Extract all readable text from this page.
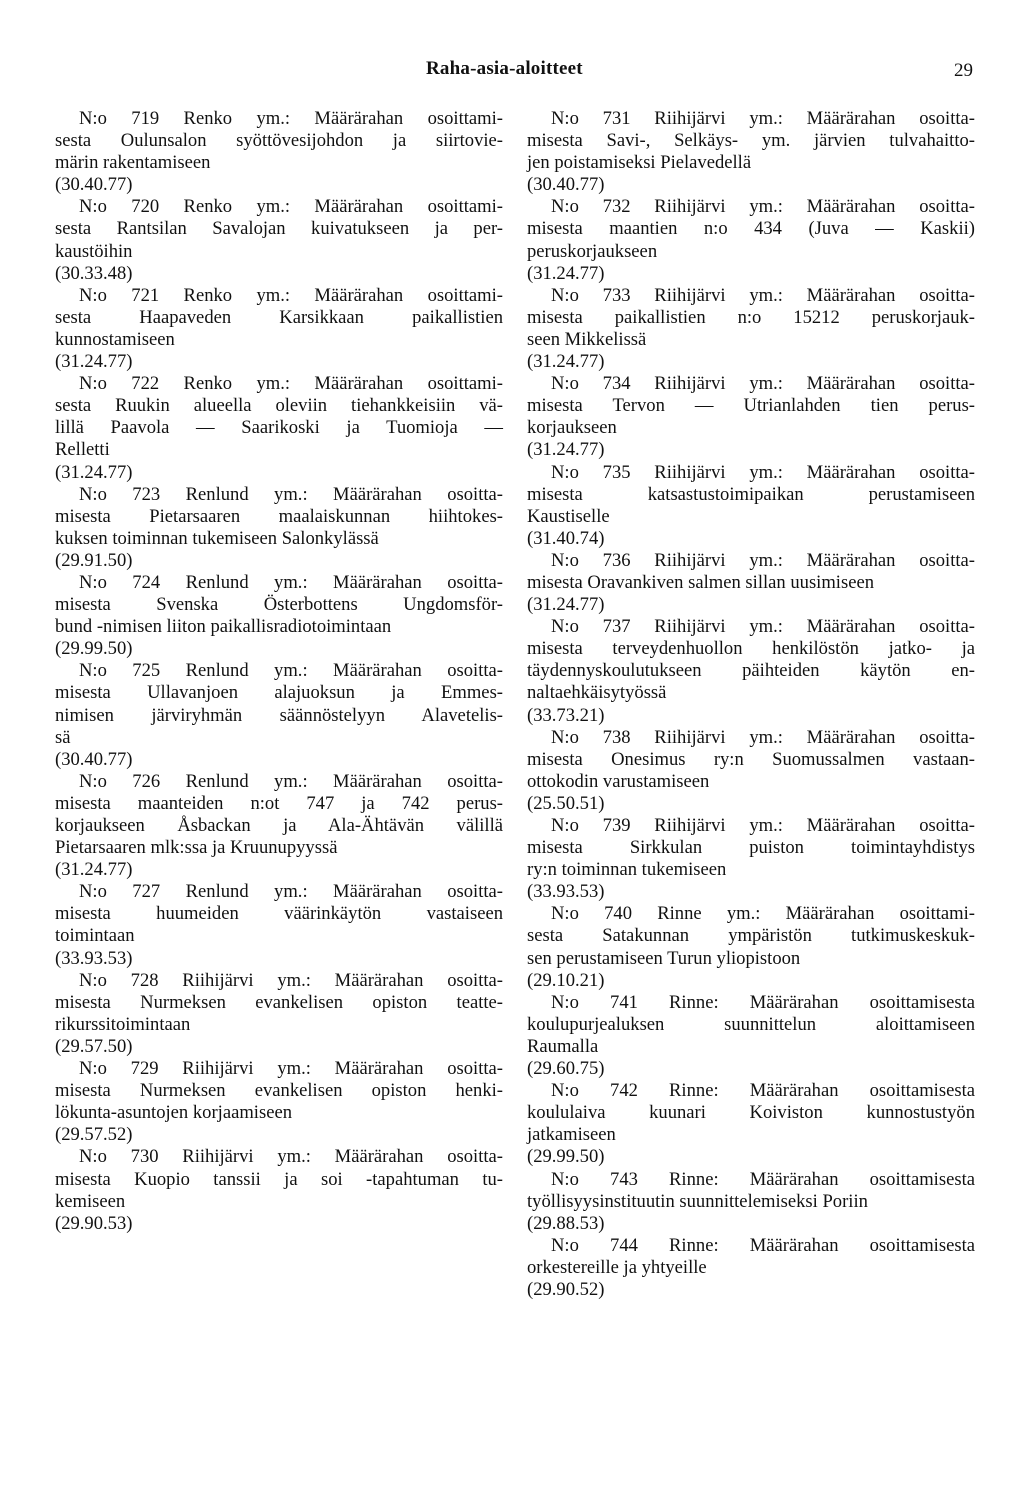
Raha-asia-aloitteet	29
N:o 719 Renko ym.: Määrärahan osoittami-
sesta Oulunsalon syöttövesijohdon ja siirtovie-
märin rakentamiseen
(30.40.77)
N:o 720 Renko ym.: Määrärahan osoittami-
sesta Rantsilan Savalojan kuivatukseen ja per-
kaustöihin
(30.33.48)
N:o 721 Renko ym.: Määrärahan osoittami-
sesta Haapaveden Karsikkaan paikallistien
kunnostamiseen
(31.24.77)
N:o 722 Renko ym.: Määrärahan osoittami-
sesta Ruukin alueella oleviin tiehankkeisiin vä-
lillä Paavola — Saarikoski ja Tuomioja —
Relletti
(31.24.77)
N:o 723 Renlund ym.: Määrärahan osoitta-
misesta Pietarsaaren maalaiskunnan hiihtokes-
kuksen toiminnan tukemiseen Salonkylässä
(29.91.50)
N:o 724 Renlund ym.: Määrärahan osoitta-
misesta Svenska Österbottens Ungdomsför-
bund -nimisen liiton paikallisradiotoimintaan
(29.99.50)
N:o 725 Renlund ym.: Määrärahan osoitta-
misesta Ullavanjoen alajuoksun ja Emmes-
nimisen järviryhmän säännöstelyyn Alavetelis-
sä
(30.40.77)
N:o 726 Renlund ym.: Määrärahan osoitta-
misesta maanteiden n:ot 747 ja 742 perus-
korjaukseen Åsbackan ja Ala-Ähtävän välillä
Pietarsaaren mlk:ssa ja Kruunupyyssä
(31.24.77)
N:o 727 Renlund ym.: Määrärahan osoitta-
misesta huumeiden väärinkäytön vastaiseen
toimintaan
(33.93.53)
N:o 728 Riihijärvi ym.: Määrärahan osoitta-
misesta Nurmeksen evankelisen opiston teatte-
rikurssitoimintaan
(29.57.50)
N:o 729 Riihijärvi ym.: Määrärahan osoitta-
misesta Nurmeksen evankelisen opiston henki-
lökunta-asuntojen korjaamiseen
(29.57.52)
N:o 730 Riihijärvi ym.: Määrärahan osoitta-
misesta Kuopio tanssii ja soi -tapahtuman tu-
kemiseen
(29.90.53)
N:o 731 Riihijärvi ym.: Määrärahan osoitta-
misesta Savi-, Selkäys- ym. järvien tulvahaitto-
jen poistamiseksi Pielavedellä
(30.40.77)
N:o 732 Riihijärvi ym.: Määrärahan osoitta-
misesta maantien n:o 434 (Juva — Kaskii)
peruskorjaukseen
(31.24.77)
N:o 733 Riihijärvi ym.: Määrärahan osoitta-
misesta paikallistien n:o 15212 peruskorjauk-
seen Mikkelissä
(31.24.77)
N:o 734 Riihijärvi ym.: Määrärahan osoitta-
misesta Tervon — Utrianlahden tien perus-
korjaukseen
(31.24.77)
N:o 735 Riihijärvi ym.: Määrärahan osoitta-
misesta katsastustoimipaikan perustamiseen
Kaustiselle
(31.40.74)
N:o 736 Riihijärvi ym.: Määrärahan osoitta-
misesta Oravankiven salmen sillan uusimiseen
(31.24.77)
N:o 737 Riihijärvi ym.: Määrärahan osoitta-
misesta terveydenhuollon henkilöstön jatko- ja
täydennyskoulutukseen päihteiden käytön en-
naltaehkäisytyössä
(33.73.21)
N:o 738 Riihijärvi ym.: Määrärahan osoitta-
misesta Onesimus ry:n Suomussalmen vastaan-
ottokodin varustamiseen
(25.50.51)
N:o 739 Riihijärvi ym.: Määrärahan osoitta-
misesta Sirkkulan puiston toimintayhdistys
ry:n toiminnan tukemiseen
(33.93.53)
N:o 740 Rinne ym.: Määrärahan osoittami-
sesta Satakunnan ympäristön tutkimuskeskuk-
sen perustamiseen Turun yliopistoon
(29.10.21)
N:o 741 Rinne: Määrärahan osoittamisesta
koulupurjealuksen suunnittelun aloittamiseen
Raumalla
(29.60.75)
N:o 742 Rinne: Määrärahan osoittamisesta
koululaiva kuunari Koiviston kunnostustyön
jatkamiseen
(29.99.50)
N:o 743 Rinne: Määrärahan osoittamisesta
työllisyysinstituutin suunnittelemiseksi Poriin
(29.88.53)
N:o 744 Rinne: Määrärahan osoittamisesta
orkestereille ja yhtyeille
(29.90.52)
